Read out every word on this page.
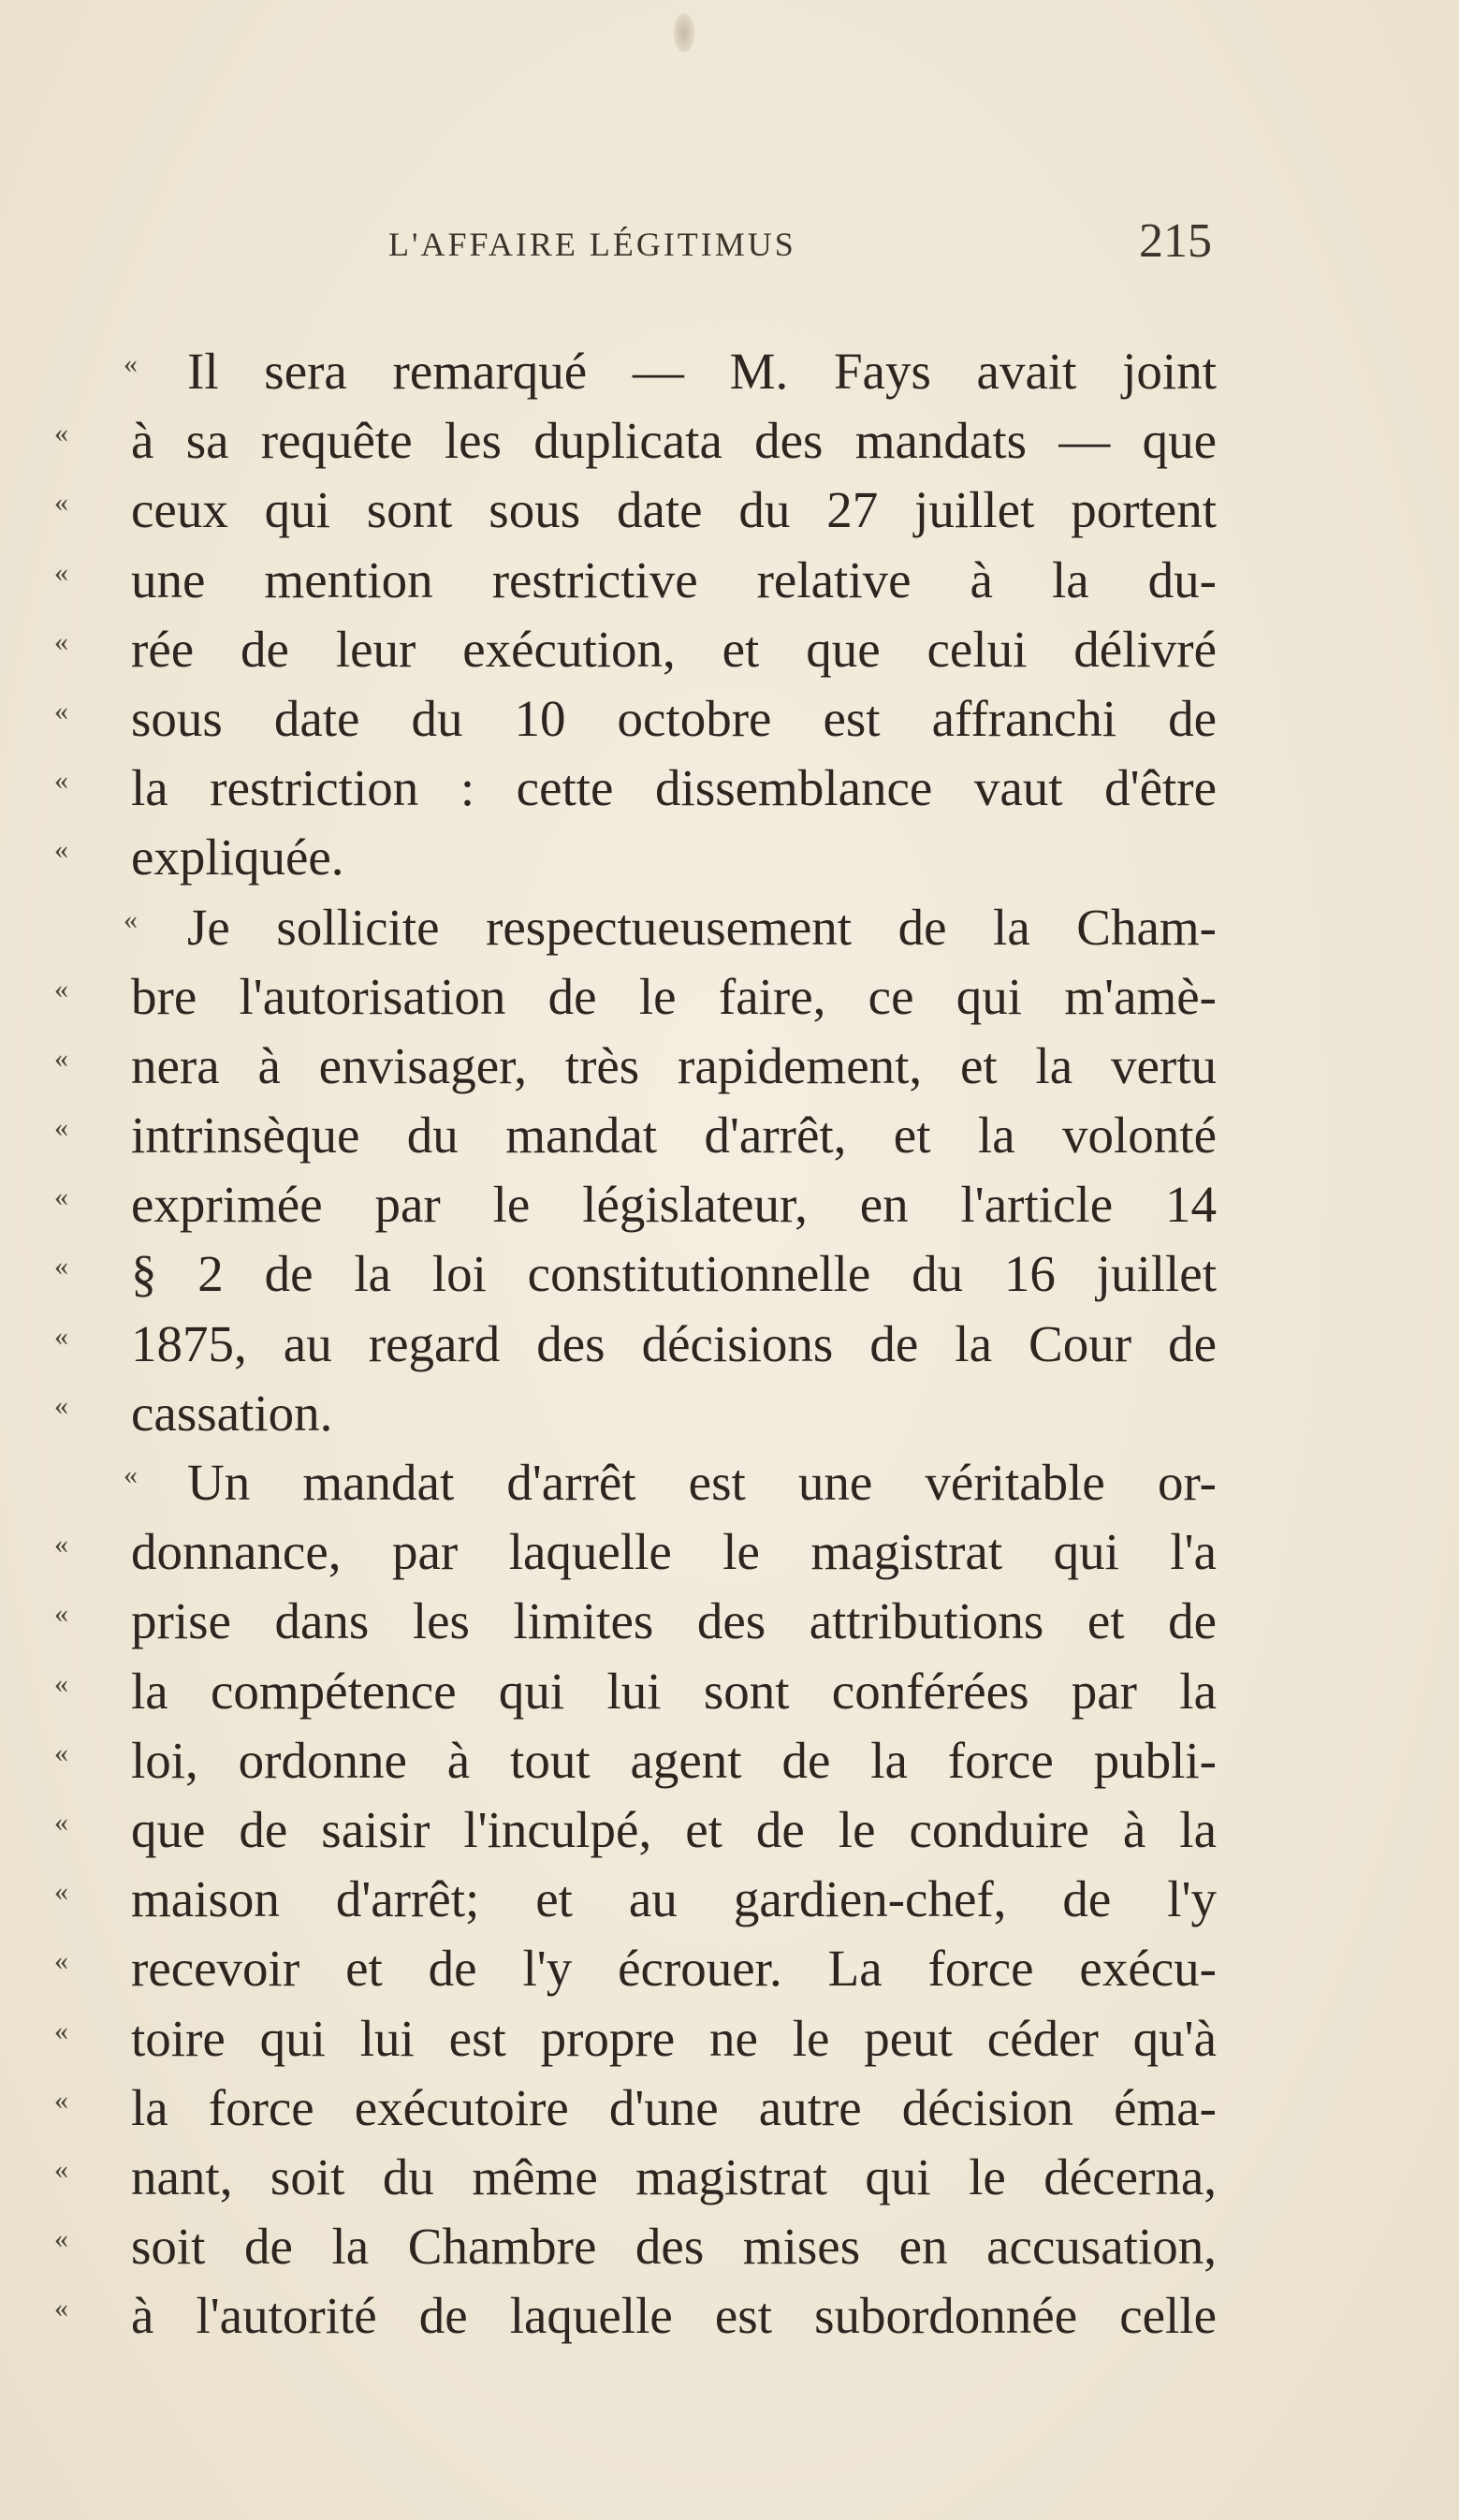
L'AFFAIRE LÉGITIMUS	215
« Il sera remarqué — M. Fays avait joint
« à sa requête les duplicata des mandats — que
« ceux qui sont sous date du 27 juillet portent
« une mention restrictive relative à la du-
« rée de leur exécution, et que celui délivré
« sous date du 10 octobre est affranchi de
« la restriction : cette dissemblance vaut d'être
« expliquée.
« Je sollicite respectueusement de la Cham-
« bre l'autorisation de le faire, ce qui m'amè-
« nera à envisager, très rapidement, et la vertu
« intrinsèque du mandat d'arrêt, et la volonté
« exprimée par le législateur, en l'article 14
« § 2 de la loi constitutionnelle du 16 juillet
« 1875, au regard des décisions de la Cour de
« cassation.
« Un mandat d'arrêt est une véritable or-
« donnance, par laquelle le magistrat qui l'a
« prise dans les limites des attributions et de
« la compétence qui lui sont conférées par la
« loi, ordonne à tout agent de la force publi-
« que de saisir l'inculpé, et de le conduire à la
« maison d'arrêt; et au gardien-chef, de l'y
« recevoir et de l'y écrouer. La force exécu-
« toire qui lui est propre ne le peut céder qu'à
« la force exécutoire d'une autre décision éma-
« nant, soit du même magistrat qui le décerna,
« soit de la Chambre des mises en accusation,
« à l'autorité de laquelle est subordonnée celle
